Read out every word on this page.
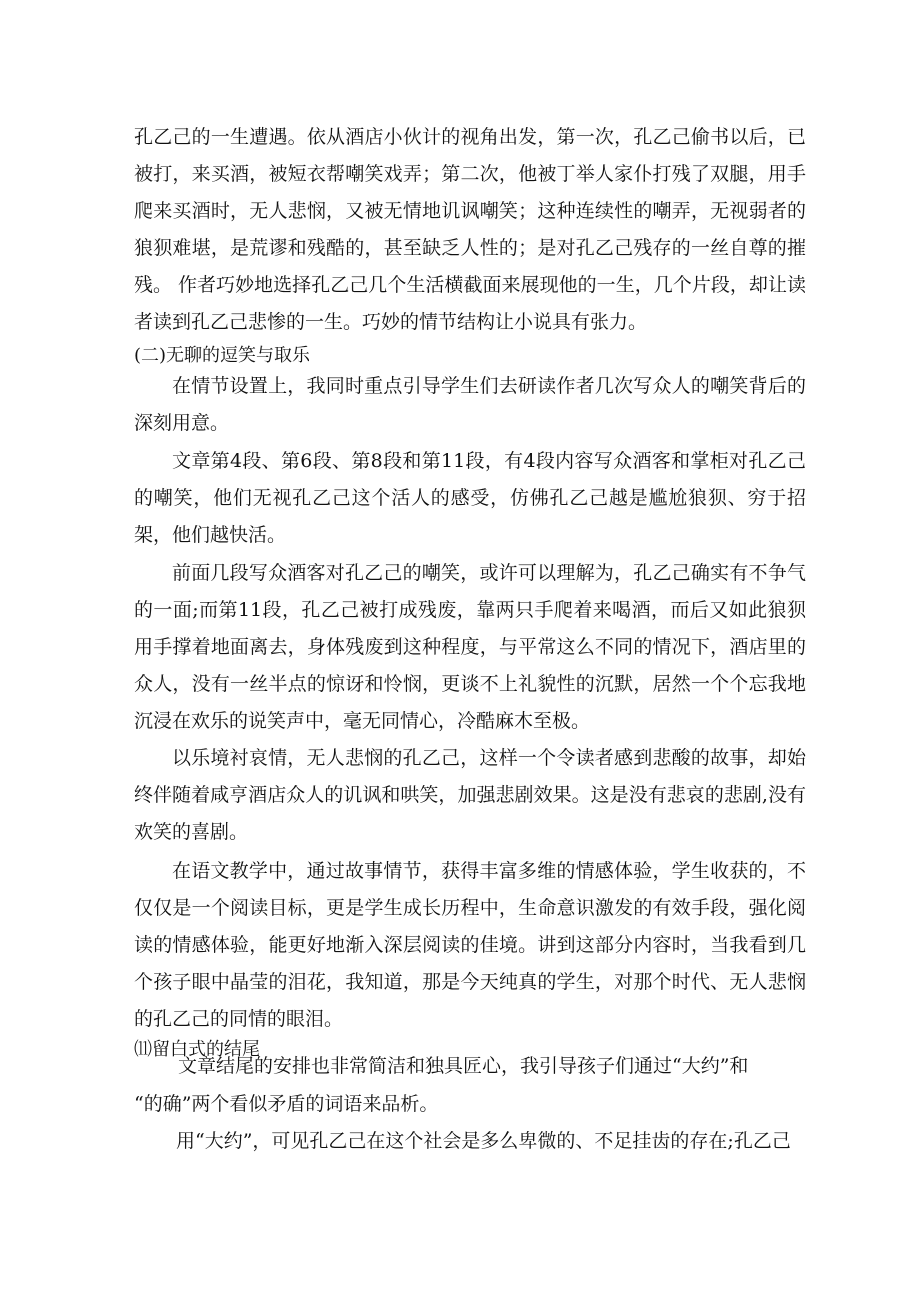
孔乙己的一生遭遇。依从酒店小伙计的视角出发，第一次，孔乙己偷书以后，已被打，来买酒，被短衣帮嘲笑戏弄；第二次，他被丁举人家仆打残了双腿，用手爬来买酒时，无人悲悯，又被无情地讥讽嘲笑；这种连续性的嘲弄，无视弱者的狼狈难堪，是荒谬和残酷的，甚至缺乏人性的；是对孔乙己残存的一丝自尊的摧残。 作者巧妙地选择孔乙己几个生活横截面来展现他的一生，几个片段，却让读者读到孔乙己悲惨的一生。巧妙的情节结构让小说具有张力。

(二)无聊的逗笑与取乐

在情节设置上，我同时重点引导学生们去研读作者几次写众人的嘲笑背后的深刻用意。

文章第4段、第6段、第8段和第11段，有4段内容写众酒客和掌柜对孔乙己的嘲笑，他们无视孔乙己这个活人的感受，仿佛孔乙己越是尴尬狼狈、穷于招架，他们越快活。

前面几段写众酒客对孔乙己的嘲笑，或许可以理解为，孔乙己确实有不争气的一面;而第11段，孔乙己被打成残废，靠两只手爬着来喝酒，而后又如此狼狈用手撑着地面离去，身体残废到这种程度，与平常这么不同的情况下，酒店里的众人，没有一丝半点的惊讶和怜悯，更谈不上礼貌性的沉默，居然一个个忘我地沉浸在欢乐的说笑声中，毫无同情心，冷酷麻木至极。

以乐境衬哀情，无人悲悯的孔乙己，这样一个令读者感到悲酸的故事，却始终伴随着咸亨酒店众人的讥讽和哄笑，加强悲剧效果。这是没有悲哀的悲剧,没有欢笑的喜剧。

在语文教学中，通过故事情节，获得丰富多维的情感体验，学生收获的，不仅仅是一个阅读目标，更是学生成长历程中，生命意识激发的有效手段，强化阅读的情感体验，能更好地渐入深层阅读的佳境。讲到这部分内容时，当我看到几个孩子眼中晶莹的泪花，我知道，那是今天纯真的学生，对那个时代、无人悲悯的孔乙己的同情的眼泪。

⑾留白式的结尾

文章结尾的安排也非常简洁和独具匠心，我引导孩子们通过“大约”和

“的确”两个看似矛盾的词语来品析。

用“大约”，可见孔乙己在这个社会是多么卑微的、不足挂齿的存在;孔乙己
